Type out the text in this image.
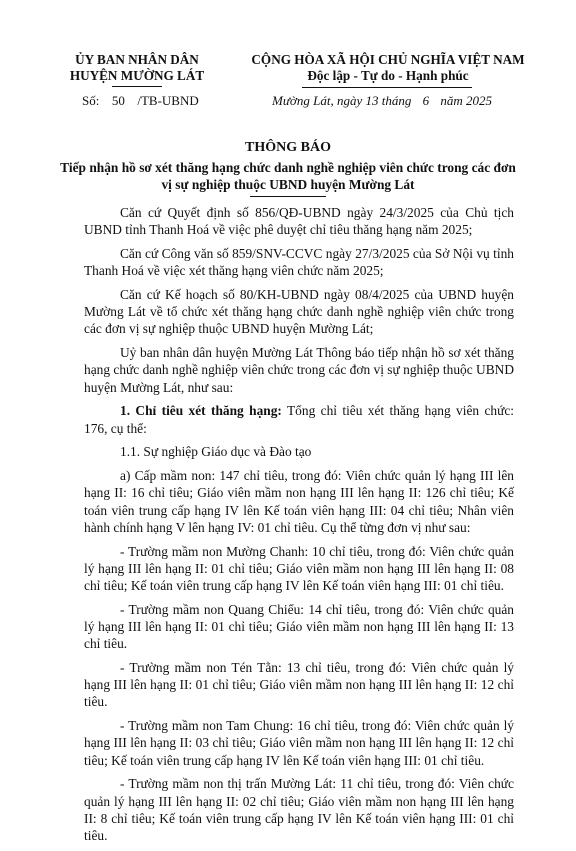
ỦY BAN NHÂN DÂN
HUYỆN MƯỜNG LÁT
Số: 50 /TB-UBND
CỘNG HÒA XÃ HỘI CHỦ NGHĨA VIỆT NAM
Độc lập - Tự do - Hạnh phúc
Mường Lát, ngày 13 tháng 6 năm 2025
THÔNG BÁO
Tiếp nhận hồ sơ xét thăng hạng chức danh nghề nghiệp viên chức trong các đơn vị sự nghiệp thuộc UBND huyện Mường Lát

Căn cứ Quyết định số 856/QĐ-UBND ngày 24/3/2025 của Chủ tịch UBND tỉnh Thanh Hoá về việc phê duyệt chỉ tiêu thăng hạng năm 2025;

Căn cứ Công văn số 859/SNV-CCVC ngày 27/3/2025 của Sở Nội vụ tỉnh Thanh Hoá về việc xét thăng hạng viên chức năm 2025;

Căn cứ Kế hoạch số 80/KH-UBND ngày 08/4/2025 của UBND huyện Mường Lát về tổ chức xét thăng hạng chức danh nghề nghiệp viên chức trong các đơn vị sự nghiệp thuộc UBND huyện Mường Lát;

Uỷ ban nhân dân huyện Mường Lát Thông báo tiếp nhận hồ sơ xét thăng hạng chức danh nghề nghiệp viên chức trong các đơn vị sự nghiệp thuộc UBND huyện Mường Lát, như sau:

1. Chỉ tiêu xét thăng hạng: Tổng chỉ tiêu xét thăng hạng viên chức: 176, cụ thể:

1.1. Sự nghiệp Giáo dục và Đào tạo

a) Cấp mầm non: 147 chỉ tiêu, trong đó: Viên chức quản lý hạng III lên hạng II: 16 chỉ tiêu; Giáo viên mầm non hạng III lên hạng II: 126 chỉ tiêu; Kế toán viên trung cấp hạng IV lên Kế toán viên hạng III: 04 chỉ tiêu; Nhân viên hành chính hạng V lên hạng IV: 01 chỉ tiêu. Cụ thể từng đơn vị như sau:

- Trường mầm non Mường Chanh: 10 chỉ tiêu, trong đó: Viên chức quản lý hạng III lên hạng II: 01 chỉ tiêu; Giáo viên mầm non hạng III lên hạng II: 08 chỉ tiêu; Kế toán viên trung cấp hạng IV lên Kế toán viên hạng III: 01 chỉ tiêu.

- Trường mầm non Quang Chiểu: 14 chỉ tiêu, trong đó: Viên chức quản lý hạng III lên hạng II: 01 chỉ tiêu; Giáo viên mầm non hạng III lên hạng II: 13 chỉ tiêu.

- Trường mầm non Tén Tằn: 13 chỉ tiêu, trong đó: Viên chức quản lý hạng III lên hạng II: 01 chỉ tiêu; Giáo viên mầm non hạng III lên hạng II: 12 chỉ tiêu.

- Trường mầm non Tam Chung: 16 chỉ tiêu, trong đó: Viên chức quản lý hạng III lên hạng II: 03 chỉ tiêu; Giáo viên mầm non hạng III lên hạng II: 12 chỉ tiêu; Kế toán viên trung cấp hạng IV lên Kế toán viên hạng III: 01 chỉ tiêu.

- Trường mầm non thị trấn Mường Lát: 11 chỉ tiêu, trong đó: Viên chức quản lý hạng III lên hạng II: 02 chỉ tiêu; Giáo viên mầm non hạng III lên hạng II: 8 chỉ tiêu; Kế toán viên trung cấp hạng IV lên Kế toán viên hạng III: 01 chỉ tiêu.
